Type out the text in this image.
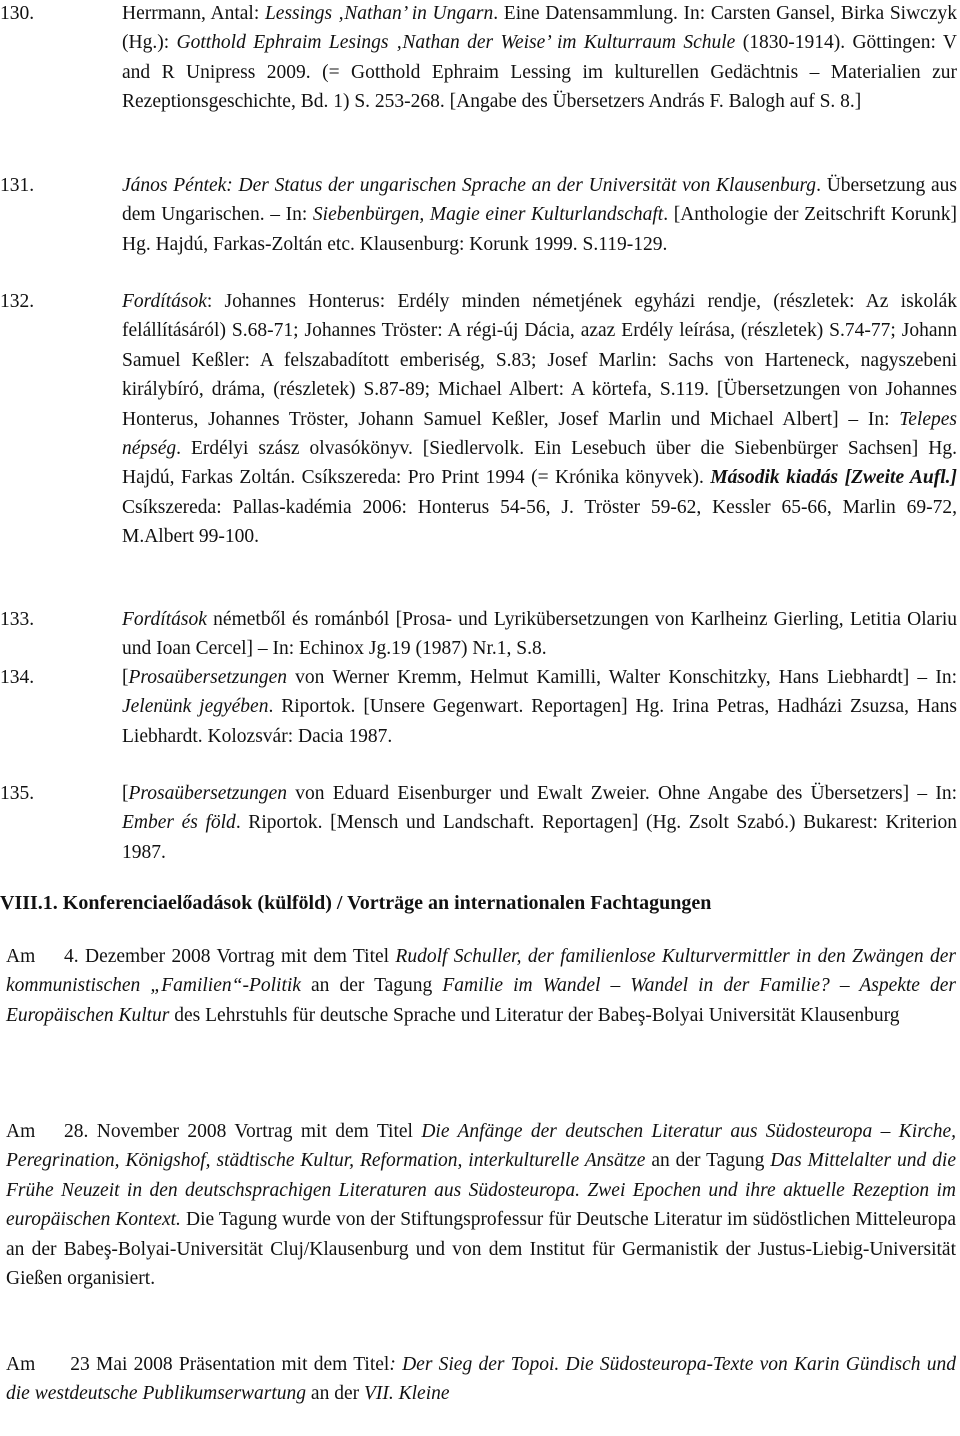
130.	Herrmann, Antal: Lessings ‚Nathan’ in Ungarn. Eine Datensammlung. In: Carsten Gansel, Birka Siwczyk (Hg.): Gotthold Ephraim Lesings ‚Nathan der Weise’ im Kulturraum Schule (1830-1914). Göttingen: V and R Unipress 2009. (= Gotthold Ephraim Lessing im kulturellen Gedächtnis – Materialien zur Rezeptionsgeschichte, Bd. 1) S. 253-268. [Angabe des Übersetzers András F. Balogh auf S. 8.]
131.	János Péntek: Der Status der ungarischen Sprache an der Universität von Klausenburg. Übersetzung aus dem Ungarischen. – In: Siebenbürgen, Magie einer Kulturlandschaft. [Anthologie der Zeitschrift Korunk] Hg. Hajdú, Farkas-Zoltán etc. Klausenburg: Korunk 1999. S.119-129.
132.	Fordítások: Johannes Honterus: Erdély minden németjének egyházi rendje, (részletek: Az iskolák felállításáról) S.68-71; Johannes Tröster: A régi-új Dácia, azaz Erdély leírása, (részletek) S.74-77; Johann Samuel Keßler: A felszabadított emberiség, S.83; Josef Marlin: Sachs von Harteneck, nagyszebeni királybíró, dráma, (részletek) S.87-89; Michael Albert: A körtefa, S.119. [Übersetzungen von Johannes Honterus, Johannes Tröster, Johann Samuel Keßler, Josef Marlin und Michael Albert] – In: Telepes népség. Erdélyi szász olvasókönyv. [Siedlervolk. Ein Lesebuch über die Siebenbürger Sachsen] Hg. Hajdú, Farkas Zoltán. Csíkszereda: Pro Print 1994 (= Krónika könyvek). Második kiadás [Zweite Aufl.] Csíkszereda: Pallas-kadémia 2006: Honterus 54-56, J. Tröster 59-62, Kessler 65-66, Marlin 69-72, M.Albert 99-100.
133.	Fordítások németből és románból [Prosa- und Lyrikübersetzungen von Karlheinz Gierling, Letitia Olariu und Ioan Cercel] – In: Echinox Jg.19 (1987) Nr.1, S.8.
134.	[Prosaübersetzungen von Werner Kremm, Helmut Kamilli, Walter Konschitzky, Hans Liebhardt] – In: Jelenünk jegyében. Riportok. [Unsere Gegenwart. Reportagen] Hg. Irina Petras, Hadházi Zsuzsa, Hans Liebhardt. Kolozsvár: Dacia 1987.
135.	[Prosaübersetzungen von Eduard Eisenburger und Ewalt Zweier. Ohne Angabe des Übersetzers] – In: Ember és föld. Riportok. [Mensch und Landschaft. Reportagen] (Hg. Zsolt Szabó.) Bukarest: Kriterion 1987.
VIII.1. Konferenciaelőadások (külföld) / Vorträge an internationalen Fachtagungen
Am 4. Dezember 2008 Vortrag mit dem Titel Rudolf Schuller, der familienlose Kulturvermittler in den Zwängen der kommunistischen „Familien“-Politik an der Tagung Familie im Wandel – Wandel in der Familie? – Aspekte der Europäischen Kultur des Lehrstuhls für deutsche Sprache und Literatur der Babeş-Bolyai Universität Klausenburg
Am 28. November 2008 Vortrag mit dem Titel Die Anfänge der deutschen Literatur aus Südosteuropa – Kirche, Peregrination, Königshof, städtische Kultur, Reformation, interkulturelle Ansätze an der Tagung Das Mittelalter und die Frühe Neuzeit in den deutschsprachigen Literaturen aus Südosteuropa. Zwei Epochen und ihre aktuelle Rezeption im europäischen Kontext. Die Tagung wurde von der Stiftungsprofessur für Deutsche Literatur im südöstlichen Mitteleuropa an der Babeş-Bolyai-Universität Cluj/Klausenburg und von dem Institut für Germanistik der Justus-Liebig-Universität Gießen organisiert.
Am 23 Mai 2008 Präsentation mit dem Titel: Der Sieg der Topoi. Die Südosteuropa-Texte von Karin Gündisch und die westdeutsche Publikumserwartung an der VII. Kleine
